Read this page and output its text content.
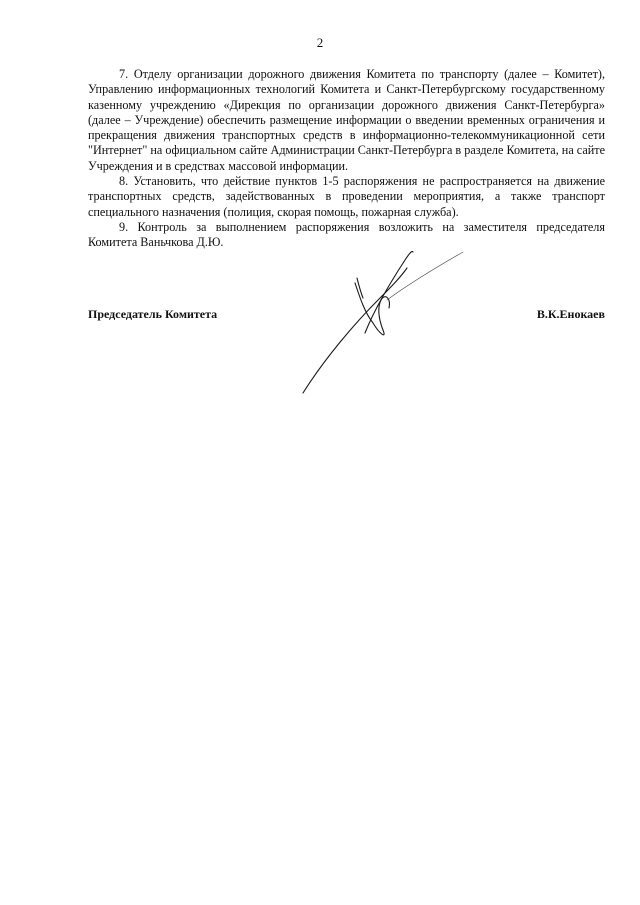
2

7. Отделу организации дорожного движения Комитета по транспорту (далее – Комитет), Управлению информационных технологий Комитета и Санкт-Петербургскому государственному казенному учреждению «Дирекция по организации дорожного движения Санкт-Петербурга» (далее – Учреждение) обеспечить размещение информации о введении временных ограничения и прекращения движения транспортных средств в информационно-телекоммуникационной сети "Интернет" на официальном сайте Администрации Санкт-Петербурга в разделе Комитета, на сайте Учреждения и в средствах массовой информации.

8. Установить, что действие пунктов 1-5 распоряжения не распространяется на движение транспортных средств, задействованных в проведении мероприятия, а также транспорт специального назначения (полиция, скорая помощь, пожарная служба).

9. Контроль за выполнением распоряжения возложить на заместителя председателя Комитета Ваньчкова Д.Ю.

Председатель Комитета	В.К.Енокаев
